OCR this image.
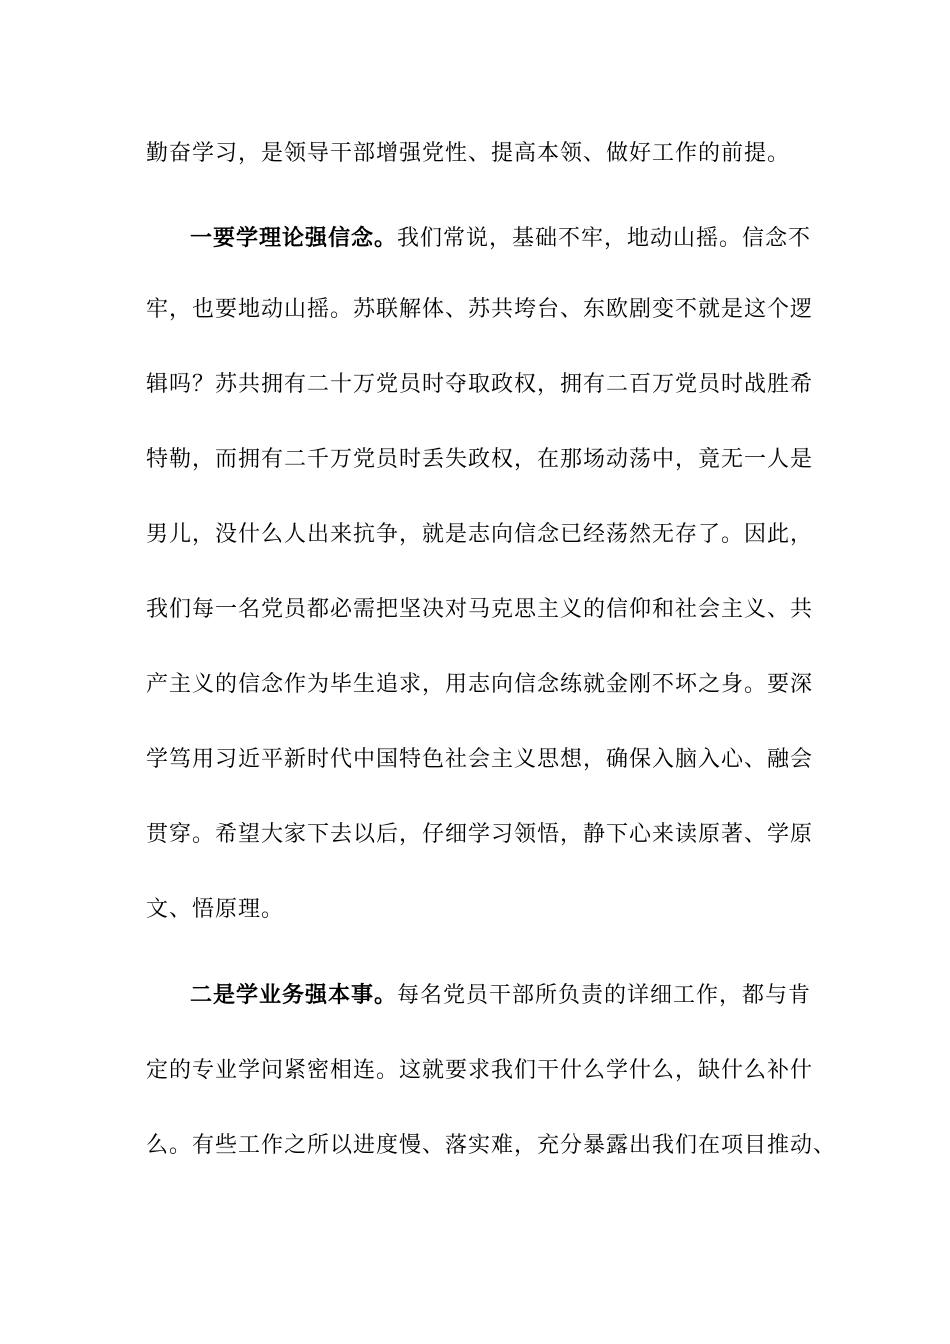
勤奋学习，是领导干部增强党性、提高本领、做好工作的前提。
一要学理论强信念。我们常说，基础不牢，地动山摇。信念不
牢，也要地动山摇。苏联解体、苏共垮台、东欧剧变不就是这个逻
辑吗？苏共拥有二十万党员时夺取政权，拥有二百万党员时战胜希
特勒，而拥有二千万党员时丢失政权，在那场动荡中，竟无一人是
男儿，没什么人出来抗争，就是志向信念已经荡然无存了。因此，
我们每一名党员都必需把坚决对马克思主义的信仰和社会主义、共
产主义的信念作为毕生追求，用志向信念练就金刚不坏之身。要深
学笃用习近平新时代中国特色社会主义思想，确保入脑入心、融会
贯穿。希望大家下去以后，仔细学习领悟，静下心来读原著、学原
文、悟原理。
二是学业务强本事。每名党员干部所负责的详细工作，都与肯
定的专业学问紧密相连。这就要求我们干什么学什么，缺什么补什
么。有些工作之所以进度慢、落实难，充分暴露出我们在项目推动、
